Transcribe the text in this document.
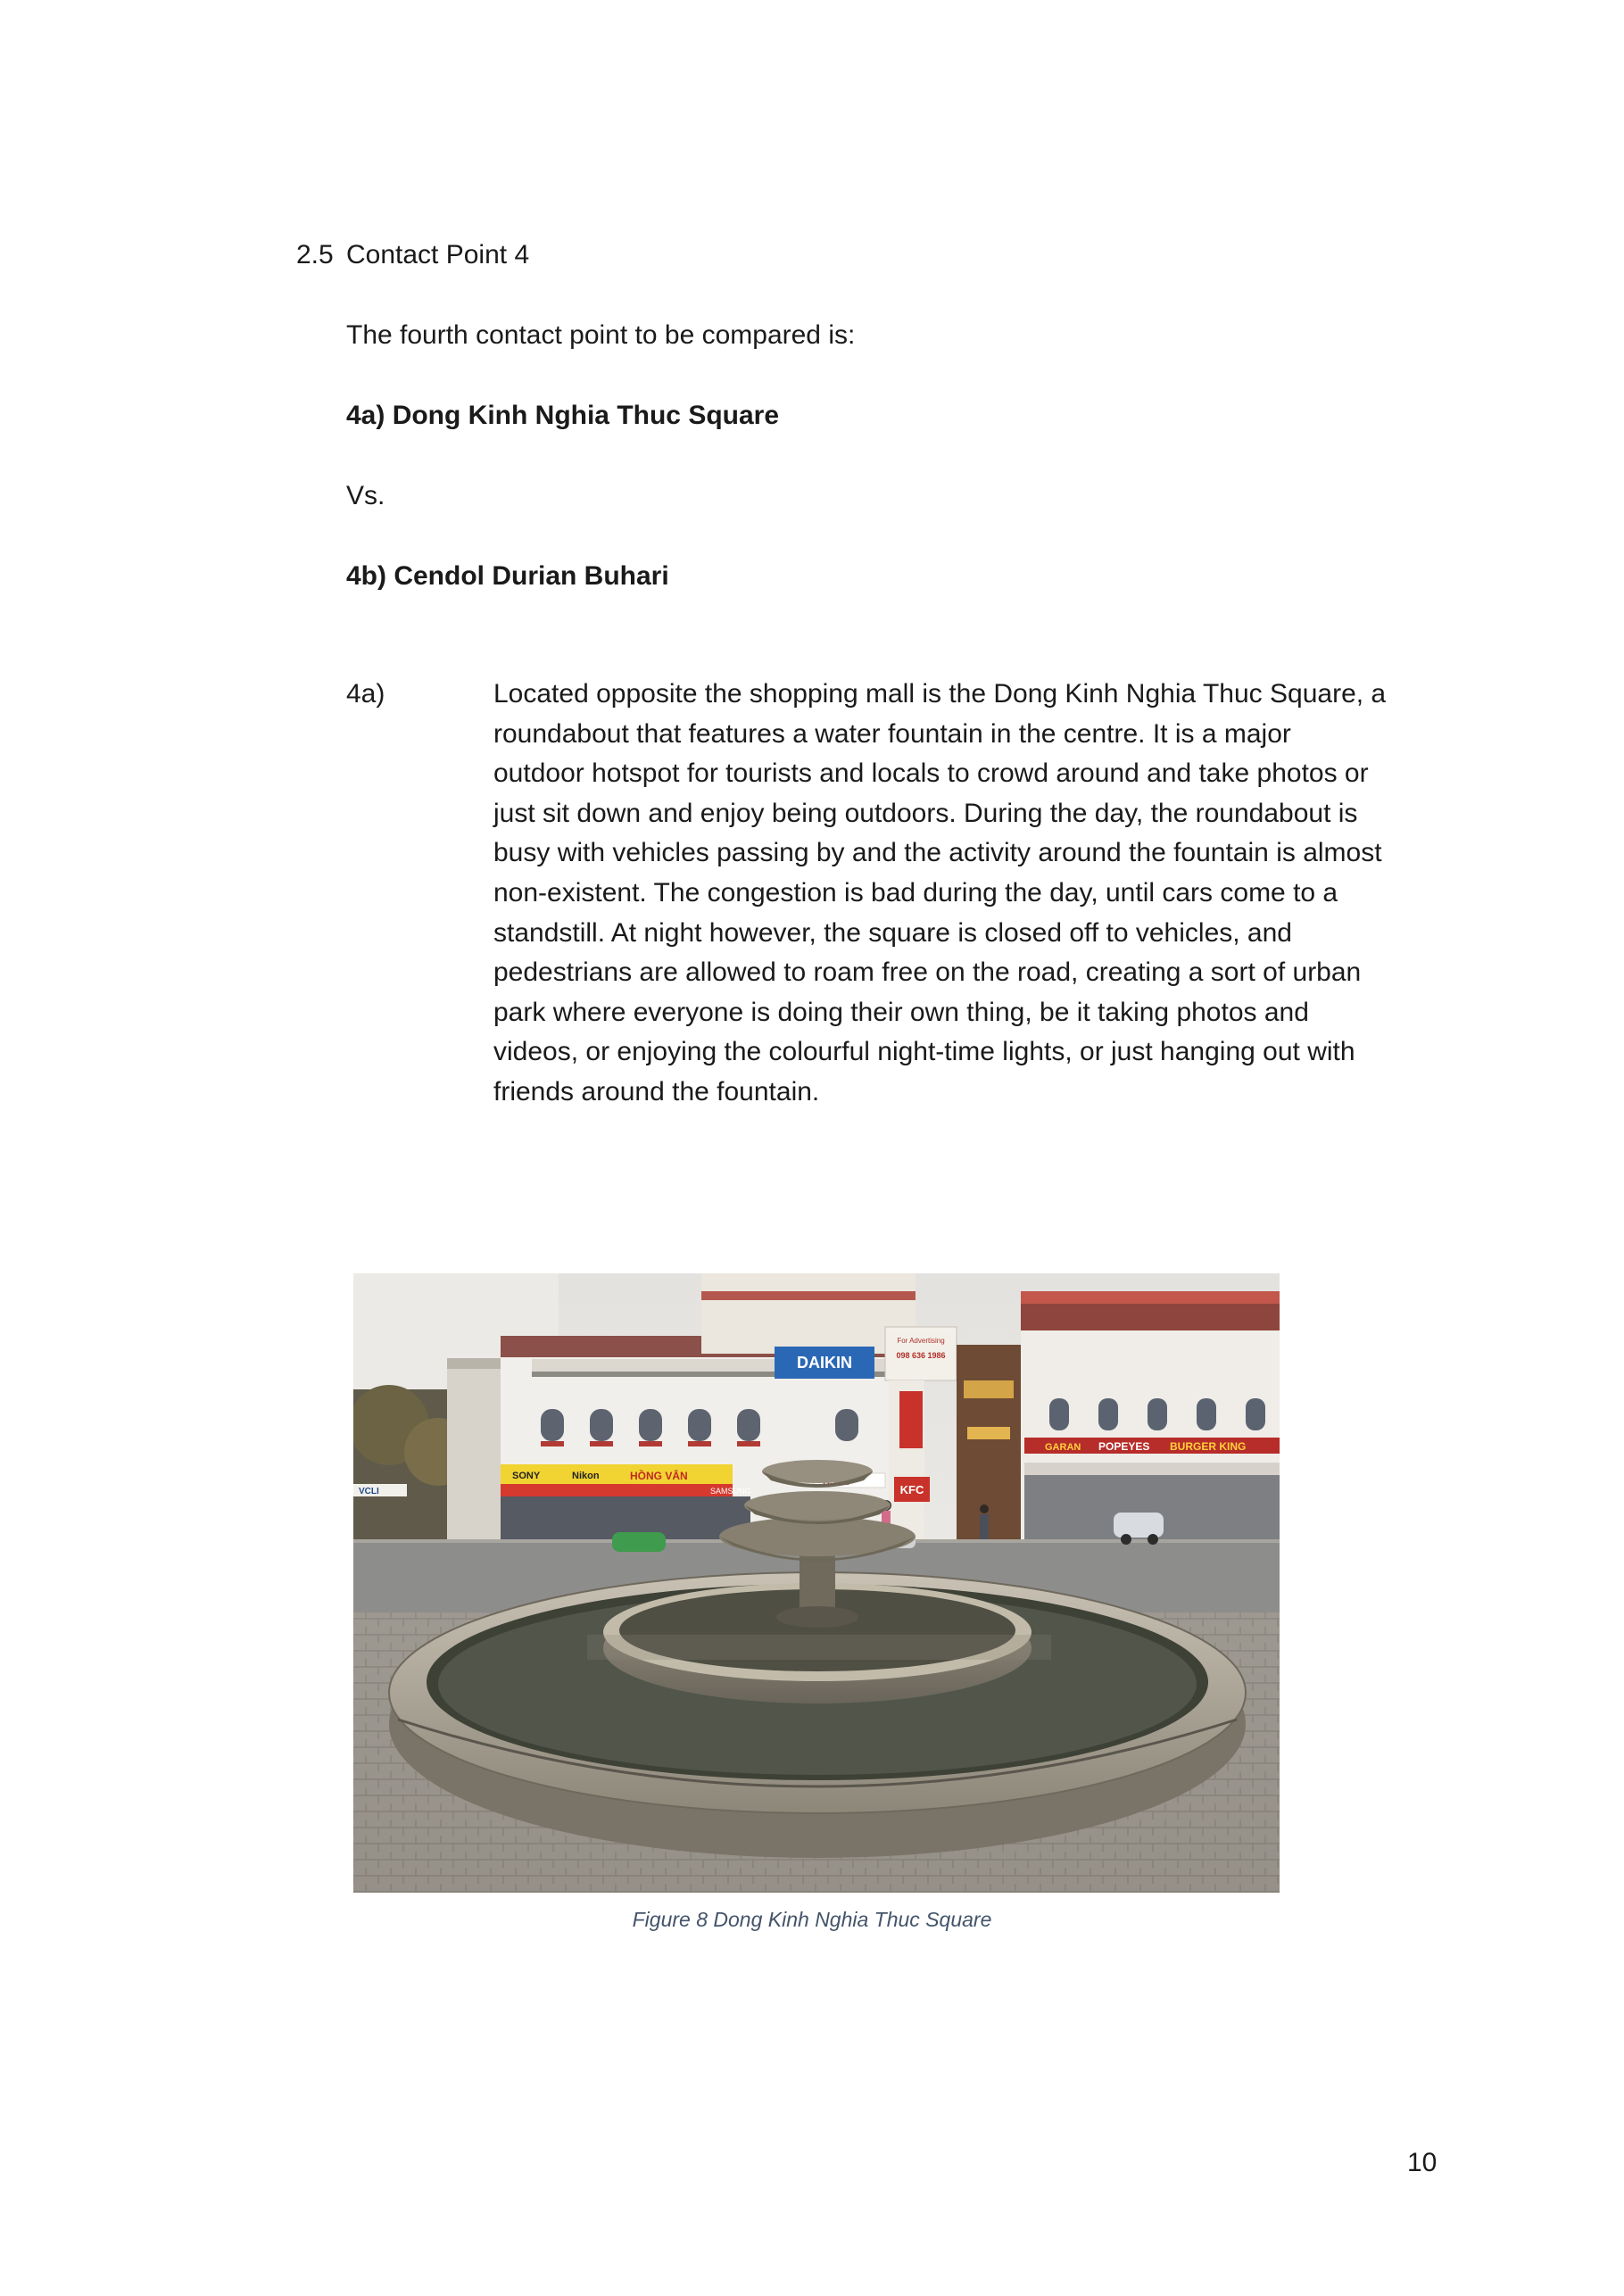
2.5 Contact Point 4
The fourth contact point to be compared is:
4a) Dong Kinh Nghia Thuc Square
Vs.
4b) Cendol Durian Buhari
4a)	Located opposite the shopping mall is the Dong Kinh Nghia Thuc Square, a
roundabout that features a water fountain in the centre. It is a major
outdoor hotspot for tourists and locals to crowd around and take photos or
just sit down and enjoy being outdoors. During the day, the roundabout is
busy with vehicles passing by and the activity around the fountain is almost
non-existent. The congestion is bad during the day, until cars come to a
standstill. At night however, the square is closed off to vehicles, and
pedestrians are allowed to roam free on the road, creating a sort of urban
park where everyone is doing their own thing, be it taking photos and
videos, or enjoying the colourful night-time lights, or just hanging out with
friends around the fountain.
DAIKIN
For Advertising
098 636 1986
KFC
GARAN POPEYES BURGER KING
SONY	Nikon	HỒNG VÂN
SAMSUNG
VCLI
Figure 8 Dong Kinh Nghia Thuc Square
10
